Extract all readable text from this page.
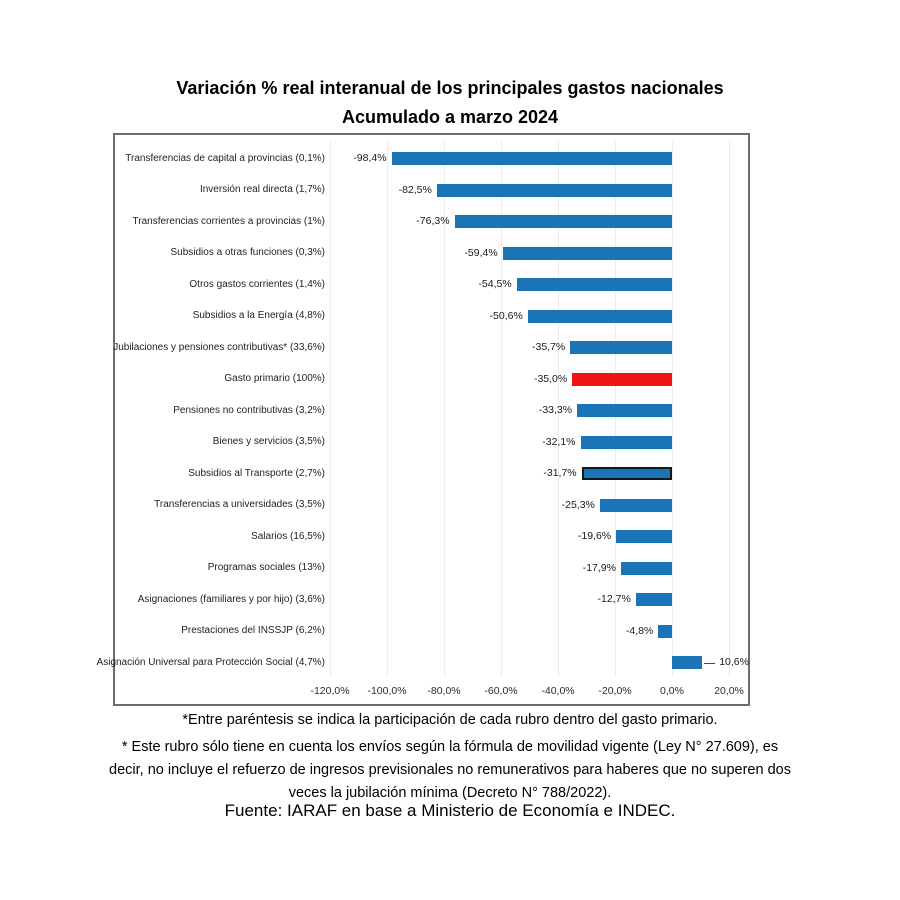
Variación % real interanual de los principales gastos nacionales
Acumulado a marzo 2024
-120,0% -100,0% -80,0% -60,0% -40,0% -20,0%	0,0%	20,0%
Transferencias de capital a provincias (0,1%)	-98,4%
Inversión real directa (1,7%)	-82,5%
Transferencias corrientes a provincias (1%)	-76,3%
Subsidios a otras funciones (0,3%)	-59,4%
Otros gastos corrientes (1,4%)	-54,5%
Subsidios a la Energía (4,8%)	-50,6%
Jubilaciones y pensiones contributivas* (33,6%)	-35,7%
Gasto primario (100%)	-35,0%
Pensiones no contributivas (3,2%)	-33,3%
Bienes y servicios (3,5%)	-32,1%
Subsidios al Transporte (2,7%)	-31,7%
Transferencias a universidades (3,5%)	-25,3%
Salarios (16,5%)	-19,6%
Programas sociales (13%)	-17,9%
Asignaciones (familiares y por hijo) (3,6%)	-12,7%
Prestaciones del INSSJP (6,2%)	-4,8%
Asignación Universal para Protección Social (4,7%)	10,6%
*Entre paréntesis se indica la participación de cada rubro dentro del gasto primario.
* Este rubro sólo tiene en cuenta los envíos según la fórmula de movilidad vigente (Ley N° 27.609), es
decir, no incluye el refuerzo de ingresos previsionales no remunerativos para haberes que no superen dos
veces la jubilación mínima (Decreto N° 788/2022).
Fuente: IARAF en base a Ministerio de Economía e INDEC.
